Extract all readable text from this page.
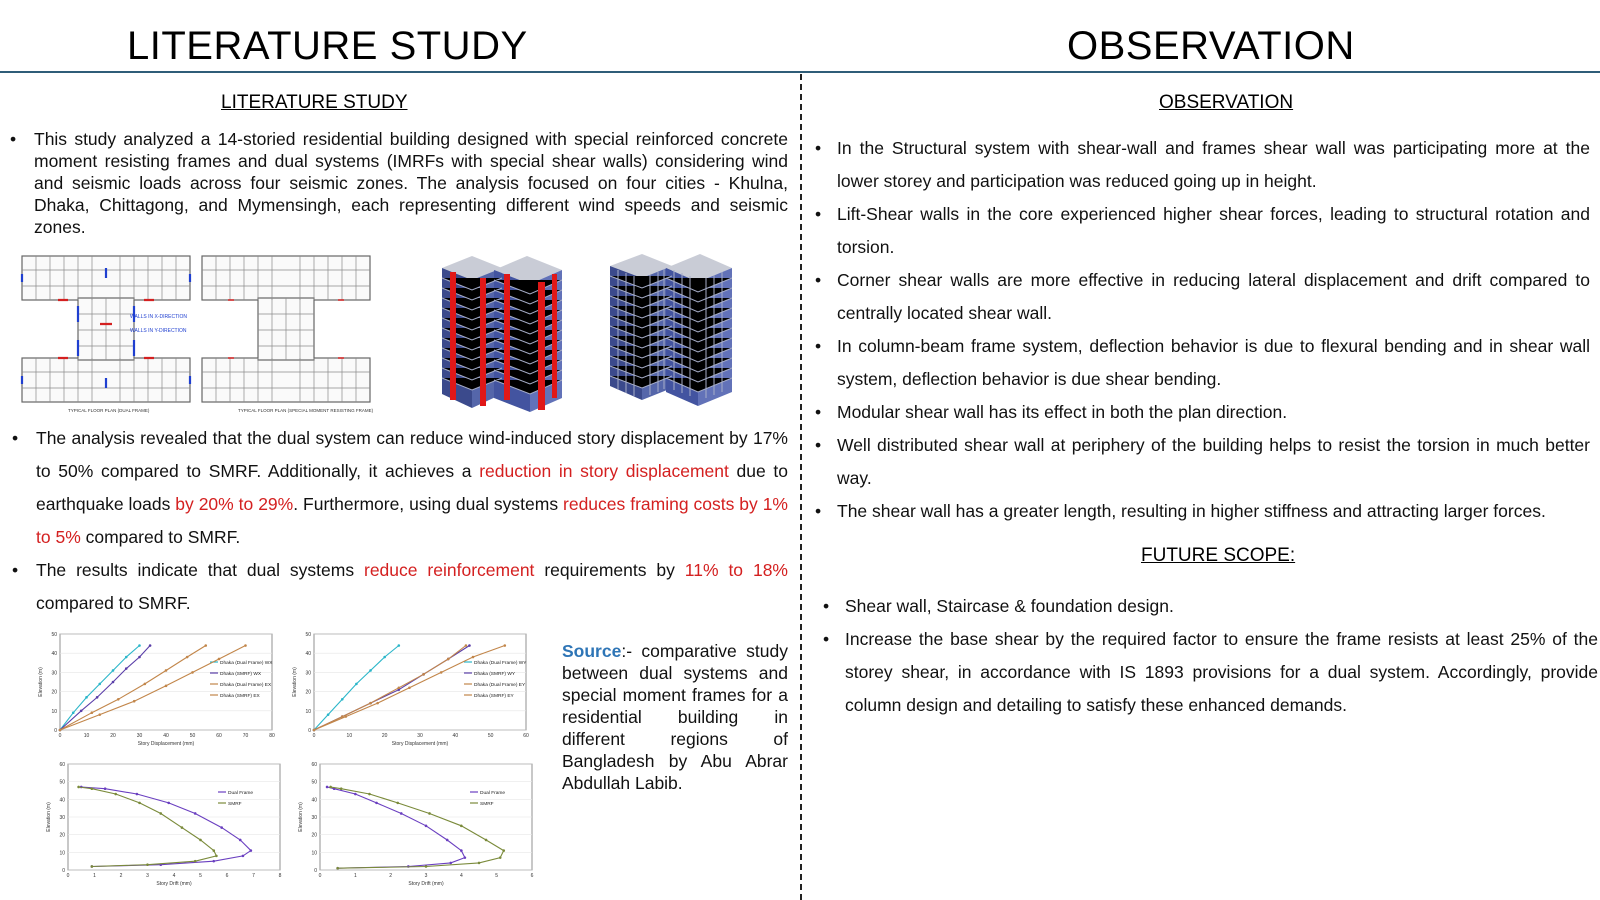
LITERATURE STUDY	OBSERVATION
LITERATURE STUDY
• This study analyzed a 14-storied residential building designed with special reinforced concrete moment resisting frames and dual systems (IMRFs with special shear walls) considering wind and seismic loads across four seismic zones. The analysis focused on four cities - Khulna, Dhaka, Chittagong, and Mymensingh, each representing different wind speeds and seismic zones.
WALLS IN X-DIRECTION
WALLS IN Y-DIRECTION
TYPICAL FLOOR PLAN (DUAL FRAME)	TYPICAL FLOOR PLAN (SPECIAL MOMENT RESISTING FRAME)
• The analysis revealed that the dual system can reduce wind-induced story displacement by 17% to 50% compared to SMRF. Additionally, it achieves a reduction in story displacement due to earthquake loads by 20% to 29%. Furthermore, using dual systems reduces framing costs by 1% to 5% compared to SMRF.
• The results indicate that dual systems reduce reinforcement requirements by 11% to 18% compared to SMRF.
0
10
20
30
40
50
0	10	20	30	40	50	60	70	80
Story Displacement (mm)
Elevation (m)
Dhaka (Dual Frame) WX
Dhaka (SMRF) WX
Dhaka (Dual Frame) EX
Dhaka (SMRF) EX
0
10
20
30
40
50
0	10	20	30	40	50	60
Story Displacement (mm)
Elevation (m)
Dhaka (Dual Frame) WY
Dhaka (SMRF) WY
Dhaka (Dual Frame) EY
Dhaka (SMRF) EY
0
10
20
30
40
50
60
0	1	2	3	4	5	6	7	8
Story Drift (mm)
Elevation (m)
Dual Frame
SMRF
0
10
20
30
40
50
60
0	1	2	3	4	5	6
Story Drift (mm)
Elevation (m)
Dual Frame
SMRF
Source:- comparative study between dual systems and special moment frames for a residential building in different regions of Bangladesh by Abu Abrar Abdullah Labib.
OBSERVATION
• In the Structural system with shear-wall and frames shear wall was participating more at the lower storey and participation was reduced going up in height.
• Lift-Shear walls in the core experienced higher shear forces, leading to structural rotation and torsion.
• Corner shear walls are more effective in reducing lateral displacement and drift compared to centrally located shear wall.
• In column-beam frame system, deflection behavior is due to flexural bending and in shear wall system, deflection behavior is due shear bending.
• Modular shear wall has its effect in both the plan direction.
• Well distributed shear wall at periphery of the building helps to resist the torsion in much better way.
• The shear wall has a greater length, resulting in higher stiffness and attracting larger forces.
FUTURE SCOPE:
• Shear wall, Staircase & foundation design.
• Increase the base shear by the required factor to ensure the frame resists at least 25% of the storey shear, in accordance with IS 1893 provisions for a dual system. Accordingly, provide column design and detailing to satisfy these enhanced demands.
